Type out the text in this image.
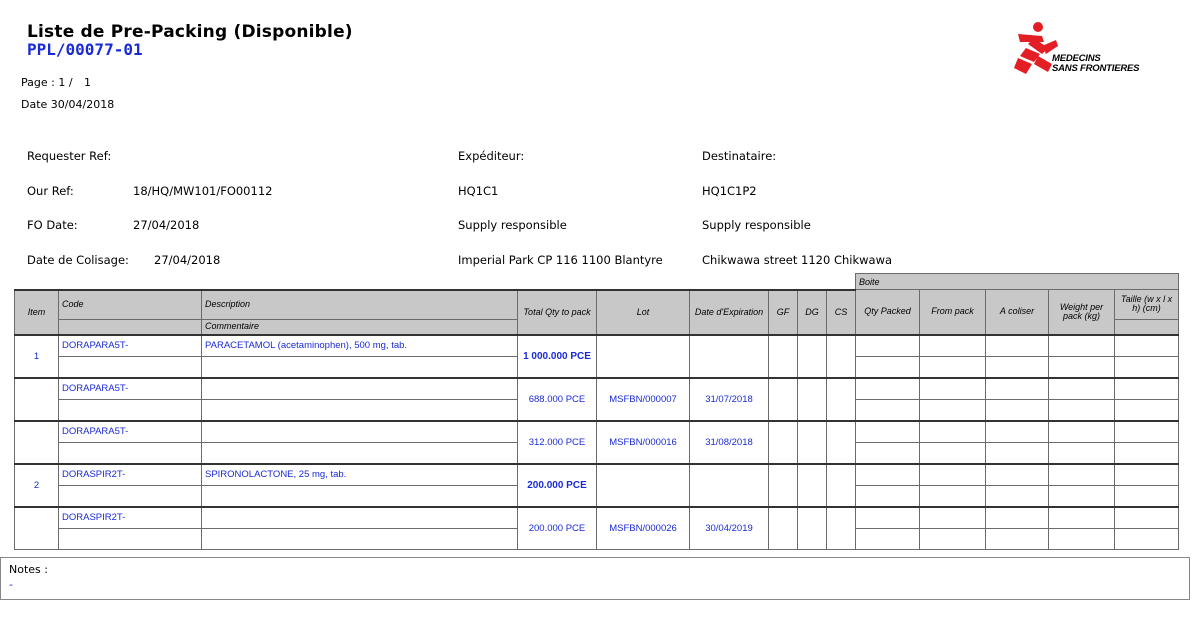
Liste de Pre-Packing (Disponible)
PPL/00077-01
Page : 1 / 1
Date 30/04/2018
MEDECINS
SANS FRONTIERES

Requester Ref:

Our Ref:	18/HQ/MW101/FO00112

FO Date:	27/04/2018

Date de Colisage: 27/04/2018

Expéditeur:

HQ1C1

Supply responsible

Imperial Park CP 116 1100 Blantyre

Destinataire:

HQ1C1P2

Supply responsible

Chikwawa street 1120 Chikwawa

									Boite				
Item	Code	Description	Total Qty to pack	Lot	Date d'Expiration	GF	DG	CS	Qty Packed	From pack	A coliser	Weight per pack (kg)	Taille (w x l x h) (cm)
		Commentaire											
1	DORAPARA5T-	PARACETAMOL (acetaminophen), 500 mg, tab.	1 000.000 PCE										

	DORAPARA5T-		688.000 PCE	MSFBN/000007	31/07/2018								

	DORAPARA5T-		312.000 PCE	MSFBN/000016	31/08/2018								

2	DORASPIR2T-	SPIRONOLACTONE, 25 mg, tab.	200.000 PCE										

	DORASPIR2T-		200.000 PCE	MSFBN/000026	30/04/2019								

Notes :
-
